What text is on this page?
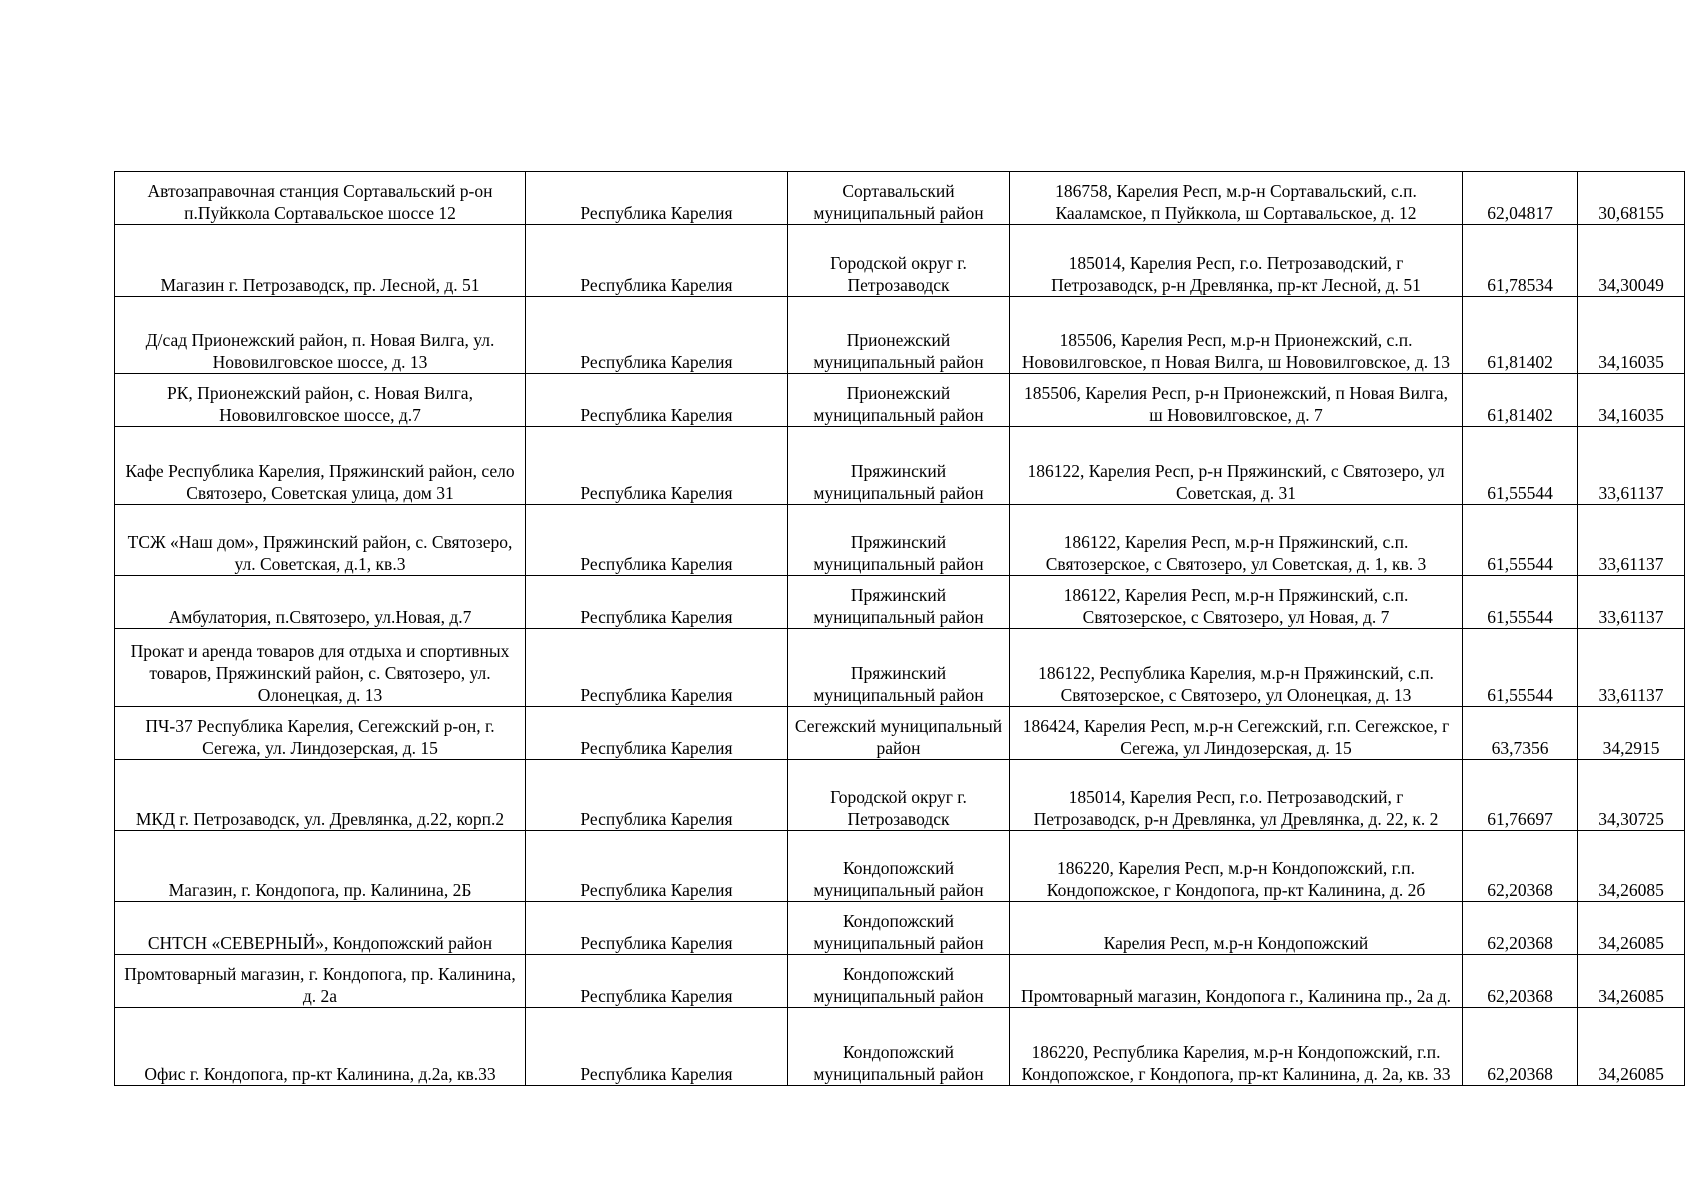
Автозаправочная станция Сортавальский р-он п.Пуйккола Сортавальское шоссе 12	Республика Карелия	Сортавальский муниципальный район	186758, Карелия Респ, м.р-н Сортавальский, с.п. Кааламское, п Пуйккола, ш Сортавальское, д. 12	62,04817	30,68155
Магазин г. Петрозаводск, пр. Лесной, д. 51	Республика Карелия	Городской округ г. Петрозаводск	185014, Карелия Респ, г.о. Петрозаводский, г Петрозаводск, р-н Древлянка, пр-кт Лесной, д. 51	61,78534	34,30049
Д/сад Прионежский район, п. Новая Вилга, ул. Нововилговское шоссе, д. 13	Республика Карелия	Прионежский муниципальный район	185506, Карелия Респ, м.р-н Прионежский, с.п. Нововилговское, п Новая Вилга, ш Нововилговское, д. 13	61,81402	34,16035
РК, Прионежский район, с. Новая Вилга, Нововилговское шоссе, д.7	Республика Карелия	Прионежский муниципальный район	185506, Карелия Респ, р-н Прионежский, п Новая Вилга, ш Нововилговское, д. 7	61,81402	34,16035
Кафе Республика Карелия, Пряжинский район, село Святозеро, Советская улица, дом 31	Республика Карелия	Пряжинский муниципальный район	186122, Карелия Респ, р-н Пряжинский, с Святозеро, ул Советская, д. 31	61,55544	33,61137
ТСЖ «Наш дом», Пряжинский район, с. Святозеро, ул. Советская, д.1, кв.3	Республика Карелия	Пряжинский муниципальный район	186122, Карелия Респ, м.р-н Пряжинский, с.п. Святозерское, с Святозеро, ул Советская, д. 1, кв. 3	61,55544	33,61137
Амбулатория, п.Святозеро, ул.Новая, д.7	Республика Карелия	Пряжинский муниципальный район	186122, Карелия Респ, м.р-н Пряжинский, с.п. Святозерское, с Святозеро, ул Новая, д. 7	61,55544	33,61137
Прокат и аренда товаров для отдыха и спортивных товаров, Пряжинский район, с. Святозеро, ул. Олонецкая, д. 13	Республика Карелия	Пряжинский муниципальный район	186122, Республика Карелия, м.р-н Пряжинский, с.п. Святозерское, с Святозеро, ул Олонецкая, д. 13	61,55544	33,61137
ПЧ-37 Республика Карелия, Сегежский р-он, г. Сегежа, ул. Линдозерская, д. 15	Республика Карелия	Сегежский муниципальный район	186424, Карелия Респ, м.р-н Сегежский, г.п. Сегежское, г Сегежа, ул Линдозерская, д. 15	63,7356	34,2915
МКД г. Петрозаводск, ул. Древлянка, д.22, корп.2	Республика Карелия	Городской округ г. Петрозаводск	185014, Карелия Респ, г.о. Петрозаводский, г Петрозаводск, р-н Древлянка, ул Древлянка, д. 22, к. 2	61,76697	34,30725
Магазин, г. Кондопога, пр. Калинина, 2Б	Республика Карелия	Кондопожский муниципальный район	186220, Карелия Респ, м.р-н Кондопожский, г.п. Кондопожское, г Кондопога, пр-кт Калинина, д. 2б	62,20368	34,26085
СНТСН «СЕВЕРНЫЙ», Кондопожский район	Республика Карелия	Кондопожский муниципальный район	Карелия Респ, м.р-н Кондопожский	62,20368	34,26085
Промтоварный магазин, г. Кондопога, пр. Калинина, д. 2а	Республика Карелия	Кондопожский муниципальный район	Промтоварный магазин, Кондопога г., Калинина пр., 2а д.	62,20368	34,26085
Офис г. Кондопога, пр-кт Калинина, д.2а, кв.33	Республика Карелия	Кондопожский муниципальный район	186220, Республика Карелия, м.р-н Кондопожский, г.п. Кондопожское, г Кондопога, пр-кт Калинина, д. 2а, кв. 33	62,20368	34,26085
